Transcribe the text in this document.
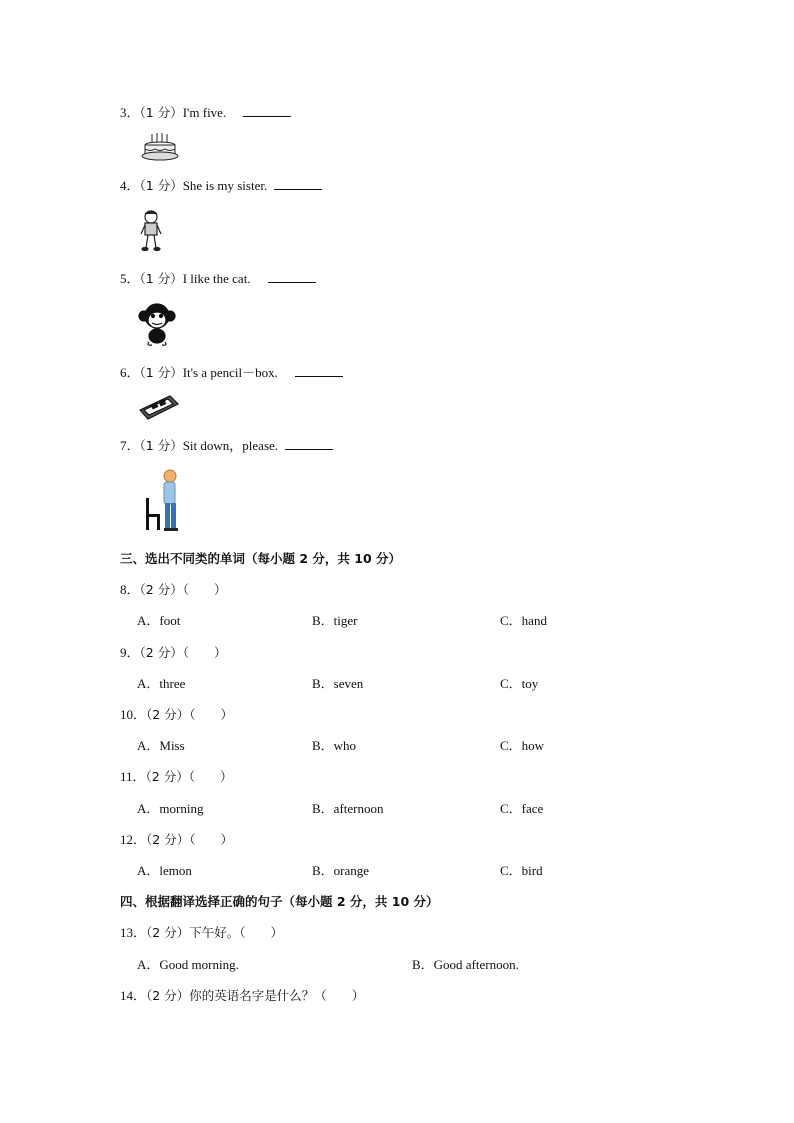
3．（1 分）I'm five.
4．（1 分）She is my sister.
5．（1 分）I like the cat.
6．（1 分）It's a pencil－box.
7．（1 分）Sit down，please.
三、选出不同类的单词（每小题 2 分，共 10 分）
8．（2 分）（　　）
A．foot	B．tiger	C．hand
9．（2 分）（　　）
A．three	B．seven	C．toy
10．（2 分）（　　）
A．Miss	B．who	C．how
11．（2 分）（　　）
A．morning	B．afternoon	C．face
12．（2 分）（　　）
A．lemon	B．orange	C．bird
四、根据翻译选择正确的句子（每小题 2 分，共 10 分）
13．（2 分）下午好。（　　）
A．Good morning.	B．Good afternoon.
14．（2 分）你的英语名字是什么？（　　）
